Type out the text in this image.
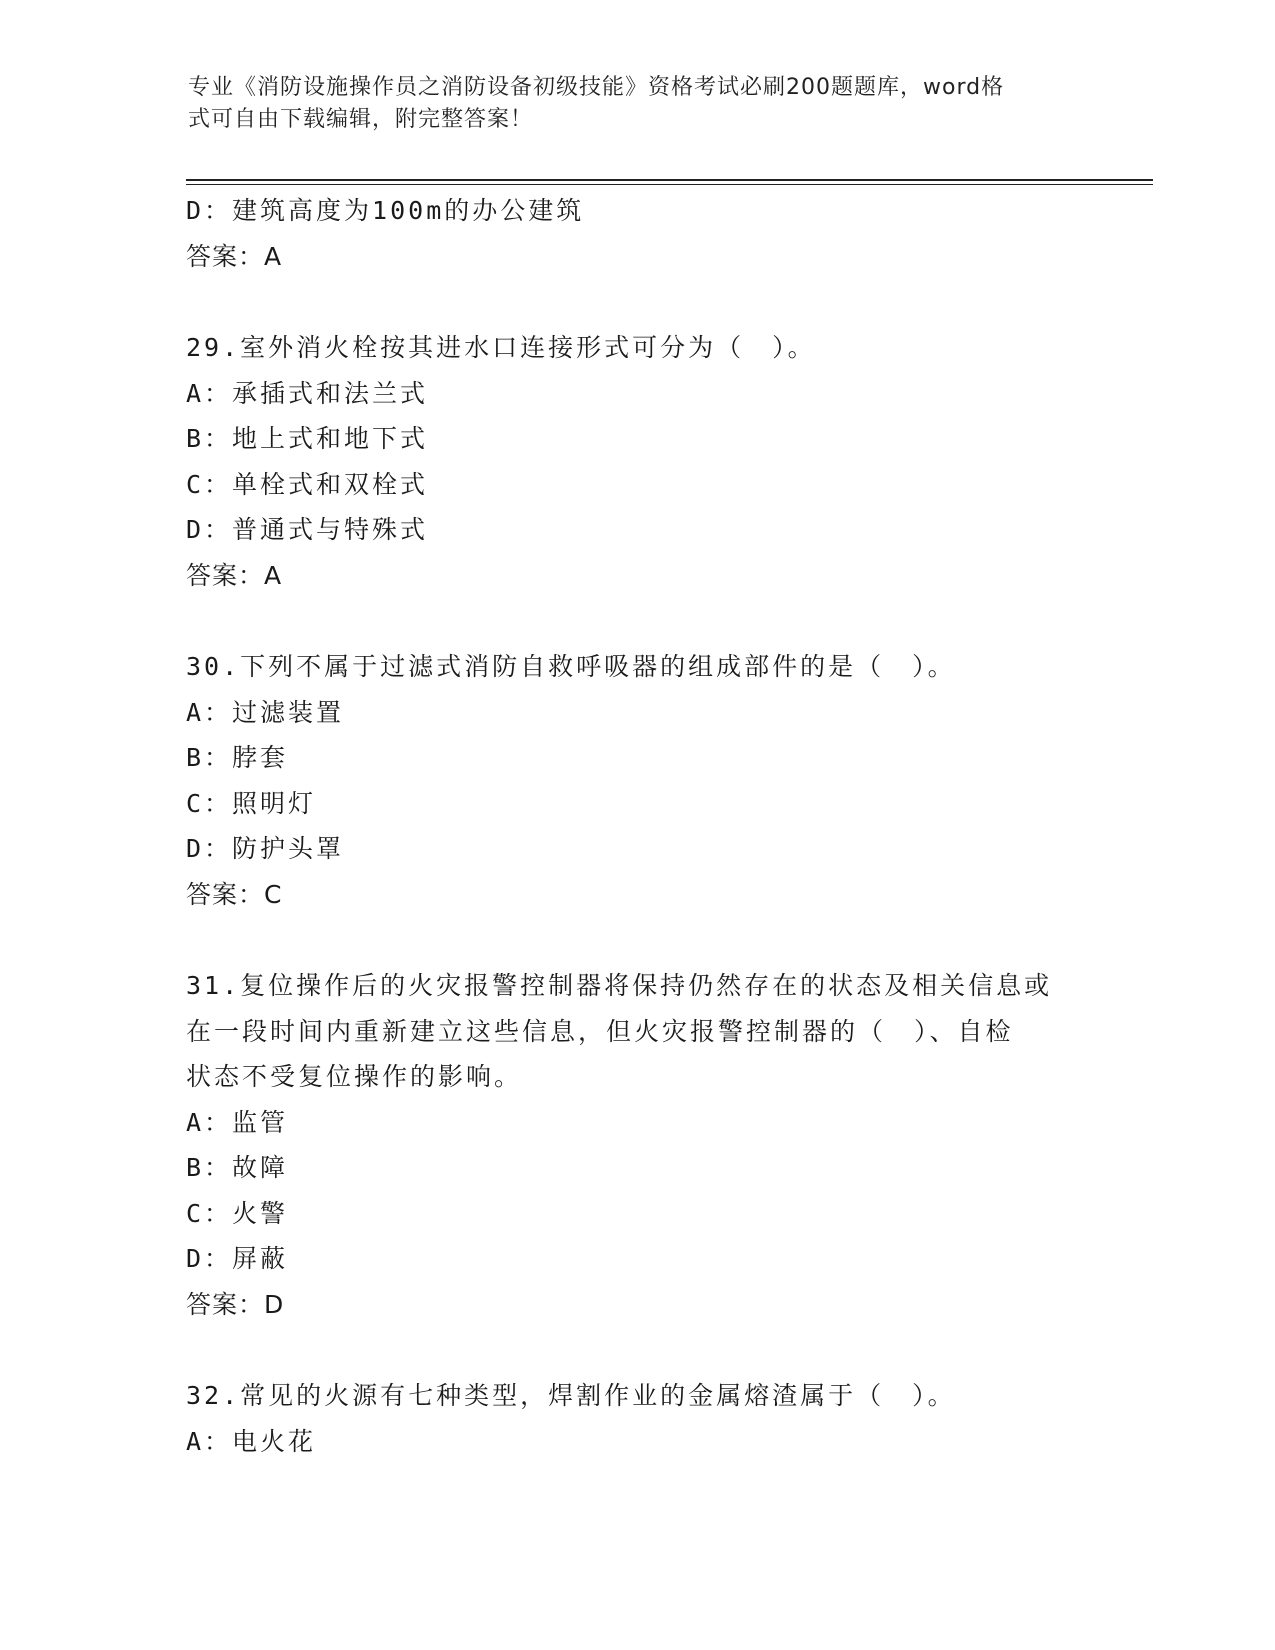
专业《消防设施操作员之消防设备初级技能》资格考试必刷200题题库，word格
式可自由下载编辑，附完整答案！
D：建筑高度为100m的办公建筑
答案：A
29.室外消火栓按其进水口连接形式可分为（　）。
A：承插式和法兰式
B：地上式和地下式
C：单栓式和双栓式
D：普通式与特殊式
答案：A
30.下列不属于过滤式消防自救呼吸器的组成部件的是（　）。
A：过滤装置
B：脖套
C：照明灯
D：防护头罩
答案：C
31.复位操作后的火灾报警控制器将保持仍然存在的状态及相关信息或
在一段时间内重新建立这些信息，但火灾报警控制器的（　）、自检
状态不受复位操作的影响。
A：监管
B：故障
C：火警
D：屏蔽
答案：D
32.常见的火源有七种类型，焊割作业的金属熔渣属于（　）。
A：电火花
